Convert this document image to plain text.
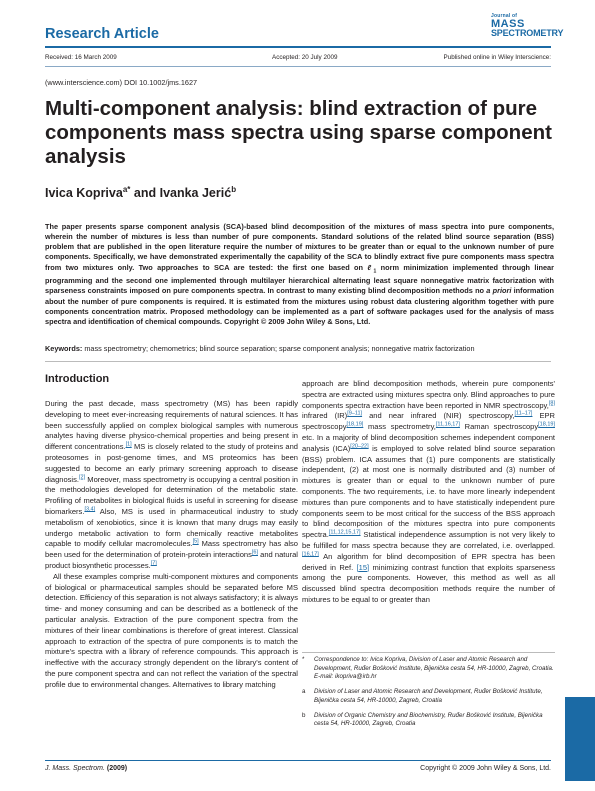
Research Article
Journal of
MASS
SPECTROMETRY
Received: 16 March 2009	Accepted: 20 July 2009	Published online in Wiley Interscience:
(www.interscience.com) DOI 10.1002/jms.1627
Multi-component analysis: blind extraction of pure components mass spectra using sparse component analysis
Ivica Kopriva$^{a*}$ and Ivanka Jerić$^b$

The paper presents sparse component analysis (SCA)-based blind decomposition of the mixtures of mass spectra into pure components, wherein the number of mixtures is less than number of pure components. Standard solutions of the related blind source separation (BSS) problem that are published in the open literature require the number of mixtures to be greater than or equal to the unknown number of pure components. Specifically, we have demonstrated experimentally the capability of the SCA to blindly extract five pure components mass spectra from two mixtures only. Two approaches to SCA are tested: the first one based on ℓ$_1$ norm minimization implemented through linear programming and the second one implemented through multilayer hierarchical alternating least square nonnegative matrix factorization with sparseness constraints imposed on pure components spectra. In contrast to many existing blind decomposition methods no a priori information about the number of pure components is required. It is estimated from the mixtures using robust data clustering algorithm together with pure components concentration matrix. Proposed methodology can be implemented as a part of software packages used for the analysis of mass spectra and identification of chemical compounds. Copyright © 2009 John Wiley & Sons, Ltd.

Keywords: mass spectrometry; chemometrics; blind source separation; sparse component analysis; nonnegative matrix factorization
Introduction

During the past decade, mass spectrometry (MS) has been rapidly developing to meet ever-increasing requirements of natural sciences. It has been successfully applied on complex biological samples with numerous analytes having diverse physico-chemical properties and being present in different concentrations.[1] MS is closely related to the study of proteins and proteosomes in post-genome times, and MS proteomics has been suggested to become an early primary screening approach to disease diagnosis.[2] Moreover, mass spectrometry is occupying a central position in the methodologies developed for determination of the metabolic state. Profiling of metabolites in biological fluids is useful in screening for disease biomarkers.[3,4] Also, MS is used in pharmaceutical industry to study metabolism of xenobiotics, since it is known that many drugs may easily undergo metabolic activation to form chemically reactive metabolites capable to modify cellular macromolecules.[5] Mass spectrometry has also been used for the determination of protein-protein interactions[6] and natural product biosynthetic processes.[7]

All these examples comprise multi-component mixtures and components of biological or pharmaceutical samples should be separated before MS detection. Efficiency of this separation is not always satisfactory; it is always time- and money consuming and can be described as a bottleneck of the particular analysis. Extraction of the pure component spectra from the mixtures of their linear combinations is therefore of great interest. Classical approach to extraction of the spectra of pure components is to match the mixture's spectra with a library of reference compounds. This approach is ineffective with the accuracy strongly dependent on the library's content of the pure component spectra and can not reflect the variation of the spectral profile due to environmental changes. Alternatives to library matching

approach are blind decomposition methods, wherein pure components' spectra are extracted using mixtures spectra only. Blind approaches to pure components spectra extraction have been reported in NMR spectroscopy,[8] infrared (IR)[9–11] and near infrared (NIR) spectroscopy,[11–17] EPR spectroscopy[18,19] mass spectrometry,[11,16,17] Raman spectroscopy[18,19] etc. In a majority of blind decomposition schemes independent component analysis (ICA)[20–22] is employed to solve related blind source separation (BSS) problem. ICA assumes that (1) pure components are statistically independent, (2) at most one is normally distributed and (3) number of mixtures is greater than or equal to the unknown number of pure components. The two requirements, i.e. to have more linearly independent mixtures than pure components and to have statistically independent pure components seem to be most critical for the success of the BSS approach to blind decomposition of the mixtures spectra into pure components spectra.[11,12,15,17] Statistical independence assumption is not very likely to be fulfilled for mass spectra because they are correlated, i.e. overlapped.[16,17] An algorithm for blind decomposition of EPR spectra has been derived in Ref. [15] minimizing contrast function that exploits sparseness among the pure components. However, this method as well as all discussed blind spectra decomposition methods require the number of mixtures to be equal to or greater than

* Correspondence to: Ivica Kopriva, Division of Laser and Atomic Research and Development, Ruđer Bošković Institute, Bijenička cesta 54, HR-10000, Zagreb, Croatia. E-mail: ikopriva@irb.hr
a Division of Laser and Atomic Research and Development, Ruđer Bošković Institute, Bijenička cesta 54, HR-10000, Zagreb, Croatia
b Division of Organic Chemistry and Biochemistry, Ruđer Bošković Institute, Bijenička cesta 54, HR-10000, Zagreb, Croatia
J. Mass. Spectrom. (2009)	Copyright © 2009 John Wiley & Sons, Ltd.
